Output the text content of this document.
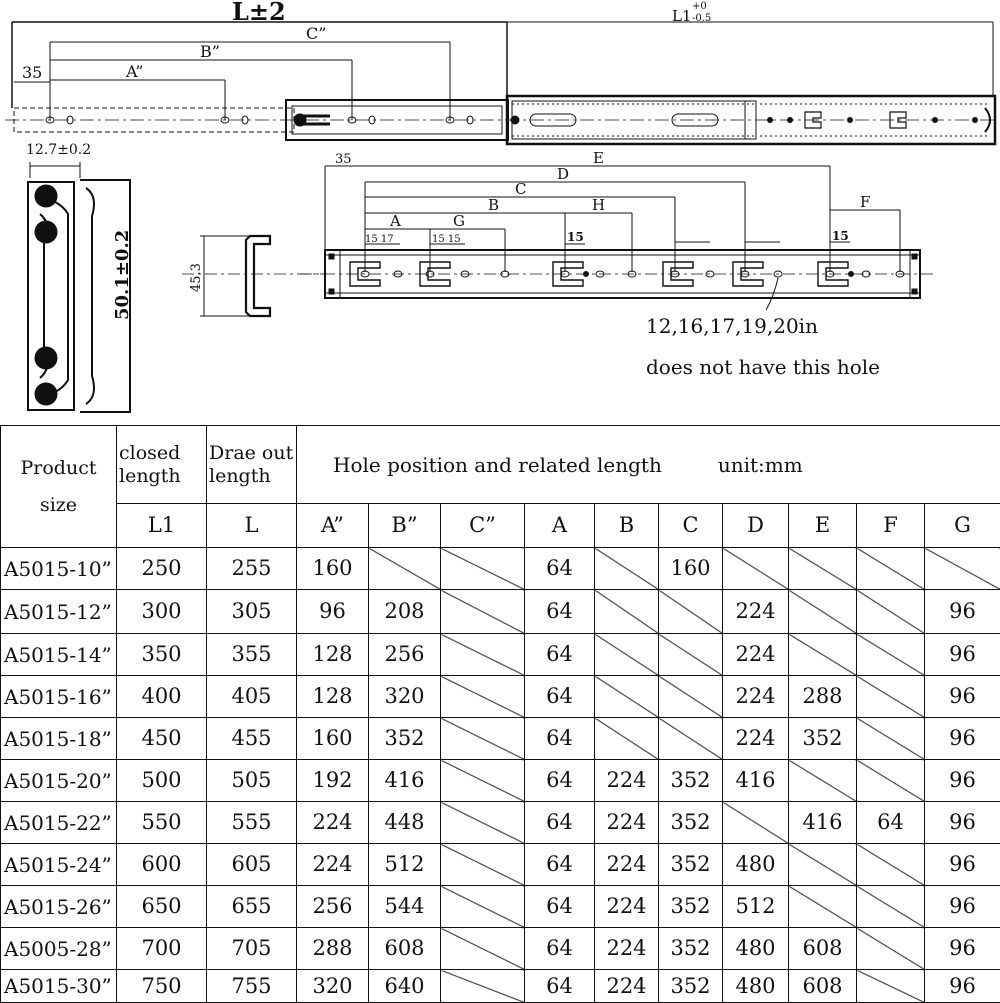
L±2	L1
+0
-0.5
35	A”
B”
C”
12.7±0.2
50.1±0.2	45.3
35	E
D
C
B	H
A	G
F
15 17	15 15	15	15
12,16,17,19,20in
does not have this hole
Product size	closed length	Drae out length	Hole position and related length unit:mm									
	L1	L	A”	B”	C”	A	B	C	D	E	F	G
A5015-10”	250	255	160			64		160				
A5015-12”	300	305	96	208		64			224			96
A5015-14”	350	355	128	256		64			224			96
A5015-16”	400	405	128	320		64			224	288		96
A5015-18”	450	455	160	352		64			224	352		96
A5015-20”	500	505	192	416		64	224	352	416			96
A5015-22”	550	555	224	448		64	224	352		416	64	96
A5015-24”	600	605	224	512		64	224	352	480			96
A5015-26”	650	655	256	544		64	224	352	512			96
A5005-28”	700	705	288	608		64	224	352	480	608		96
A5015-30”	750	755	320	640		64	224	352	480	608		96
